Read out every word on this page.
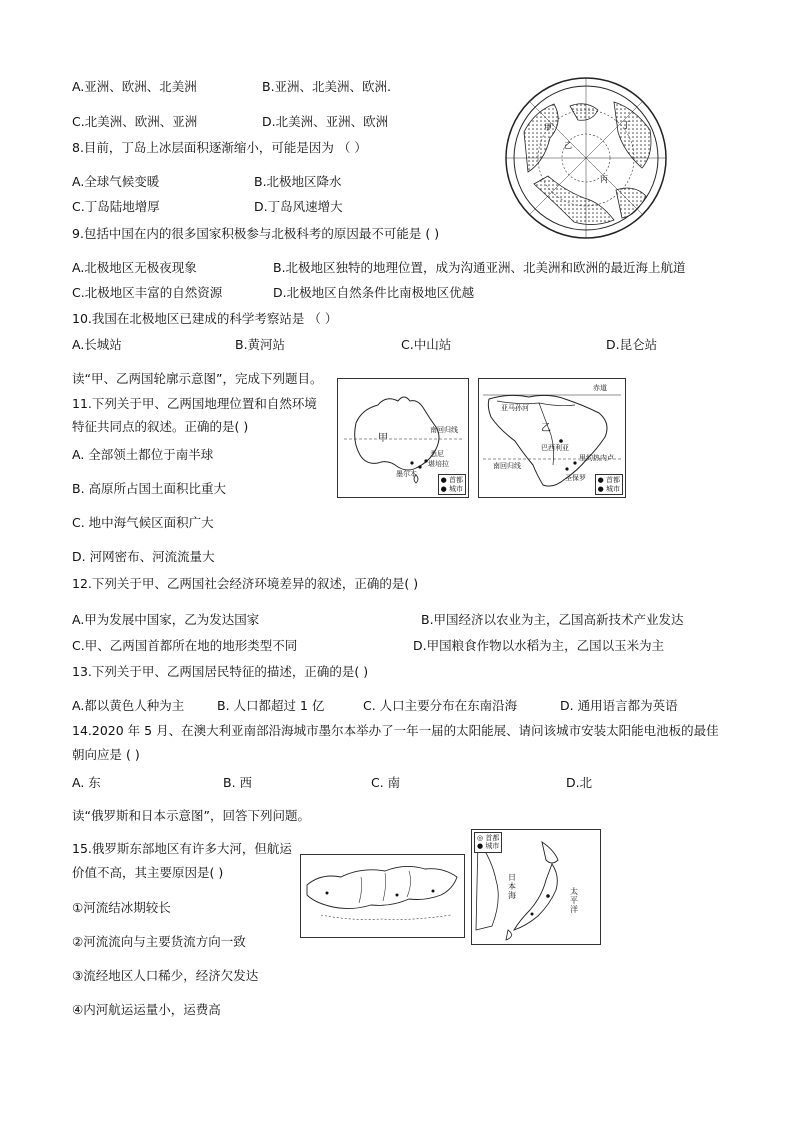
A.亚洲、欧洲、北美洲	B.亚洲、北美洲、欧洲.
C.北美洲、欧洲、亚洲	D.北美洲、亚洲、欧洲
8.目前，丁岛上冰层面积逐渐缩小，可能是因为 （ ）
A.全球气候变暖	B.北极地区降水
C.丁岛陆地增厚	D.丁岛风速增大
丁
乙
丙
甲
9.包括中国在内的很多国家积极参与北极科考的原因最不可能是 ( )
A.北极地区无极夜现象	B.北极地区独特的地理位置，成为沟通亚洲、北美洲和欧洲的最近海上航道
C.北极地区丰富的自然资源	D.北极地区自然条件比南极地区优越
10.我国在北极地区已建成的科学考察站是 （ ）
A.长城站	B.黄河站	C.中山站	D.昆仑站
读“甲、乙两国轮廓示意图”，完成下列题目。
11.下列关于甲、乙两国地理位置和自然环境
特征共同点的叙述。正确的是( )
A. 全部领土都位于南半球
B. 高原所占国土面积比重大
C. 地中海气候区面积广大
D. 河网密布、河流流量大
甲
南回归线
悉尼
墨尔本
堪培拉
● 首都
● 城市
赤道
乙
南回归线
巴西利亚
里约热内卢
圣保罗
亚马孙河
● 首都
● 城市
12.下列关于甲、乙两国社会经济环境差异的叙述，正确的是( )
A.甲为发展中国家，乙为发达国家	B.甲国经济以农业为主，乙国高新技术产业发达
C.甲、乙两国首都所在地的地形类型不同	D.甲国粮食作物以水稻为主，乙国以玉米为主
13.下列关于甲、乙两国居民特征的描述，正确的是( )
A.都以黄色人种为主	B. 人口都超过 1 亿	C. 人口主要分布在东南沿海	D. 通用语言都为英语
14.2020 年 5 月、在澳大利亚南部沿海城市墨尔本举办了一年一届的太阳能展、请问该城市安装太阳能电池板的最佳
朝向应是 ( )
A. 东	B. 西	C. 南	D.北
读“俄罗斯和日本示意图”，回答下列问题。
15.俄罗斯东部地区有许多大河，但航运
价值不高，其主要原因是( )
①河流结冰期较长
②河流流向与主要货流方向一致
③流经地区人口稀少，经济欠发达
④内河航运运量小，运费高
◎ 首都
● 城市
日本海	太平洋
